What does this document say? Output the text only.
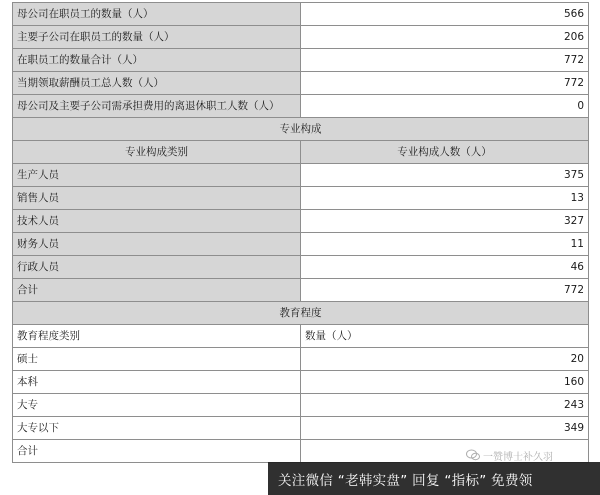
母公司在职员工的数量（人）	566
主要子公司在职员工的数量（人）	206
在职员工的数量合计（人）	772
当期领取薪酬员工总人数（人）	772
母公司及主要子公司需承担费用的离退休职工人数（人）	0
专业构成	
专业构成类别	专业构成人数（人）
生产人员	375
销售人员	13
技术人员	327
财务人员	11
行政人员	46
合计	772
教育程度	
教育程度类别	数量（人）
硕士	20
本科	160
大专	243
大专以下	349
合计	
一赞博士补久羽
关注微信 “老韩实盘” 回复 “指标” 免费领
